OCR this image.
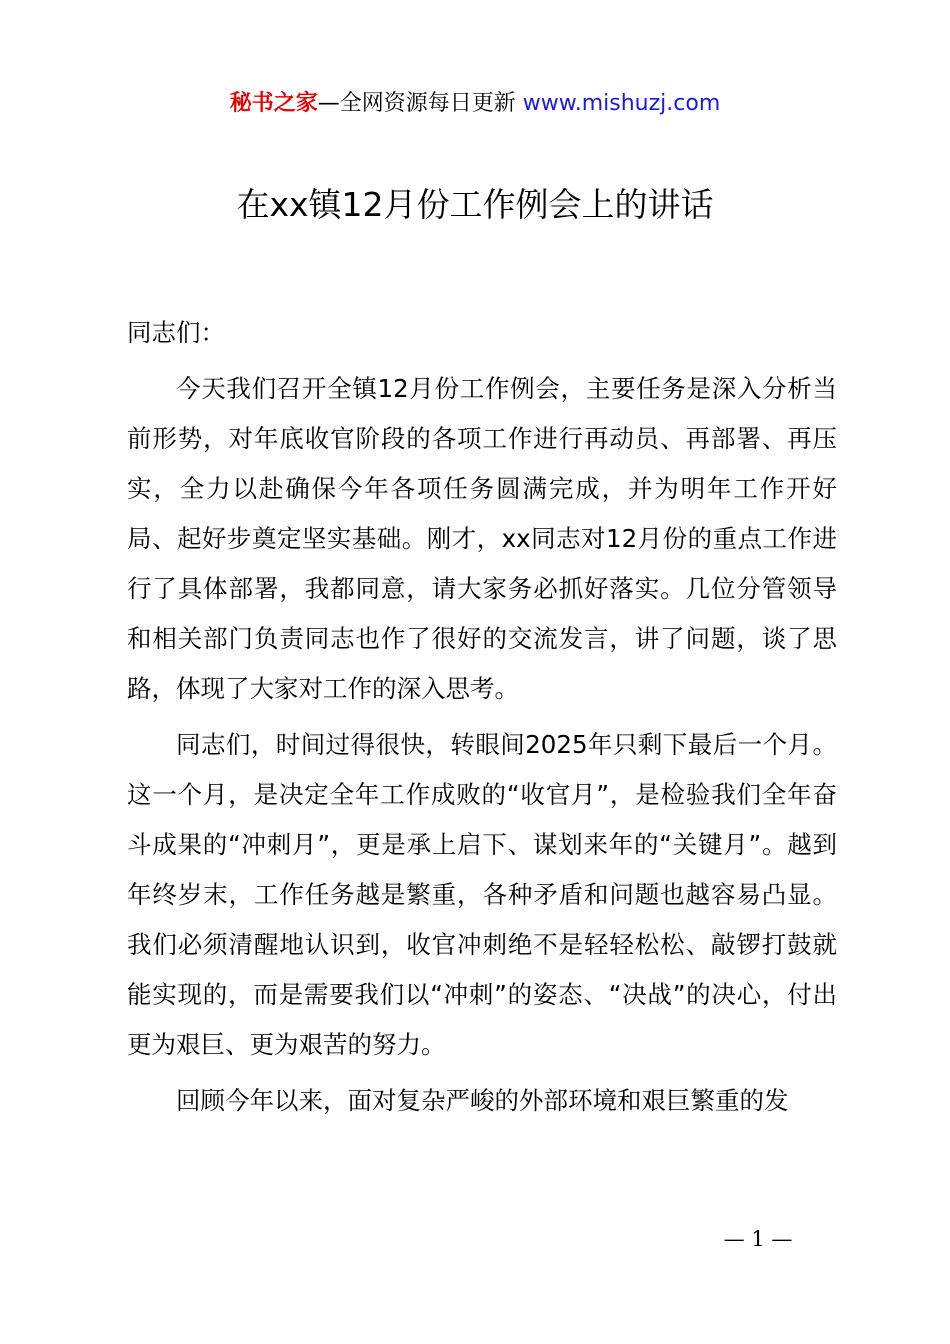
秘书之家—全网资源每日更新 www.mishuzj.com
在xx镇12月份工作例会上的讲话

同志们：

今天我们召开全镇12月份工作例会，主要任务是深入分析当前形势，对年底收官阶段的各项工作进行再动员、再部署、再压实，全力以赴确保今年各项任务圆满完成，并为明年工作开好局、起好步奠定坚实基础。刚才，xx同志对12月份的重点工作进行了具体部署，我都同意，请大家务必抓好落实。几位分管领导和相关部门负责同志也作了很好的交流发言，讲了问题，谈了思路，体现了大家对工作的深入思考。

同志们，时间过得很快，转眼间2025年只剩下最后一个月。这一个月，是决定全年工作成败的“收官月”，是检验我们全年奋斗成果的“冲刺月”，更是承上启下、谋划来年的“关键月”。越到年终岁末，工作任务越是繁重，各种矛盾和问题也越容易凸显。我们必须清醒地认识到，收官冲刺绝不是轻轻松松、敲锣打鼓就能实现的，而是需要我们以“冲刺”的姿态、“决战”的决心，付出更为艰巨、更为艰苦的努力。

回顾今年以来，面对复杂严峻的外部环境和艰巨繁重的发

— 1 —
